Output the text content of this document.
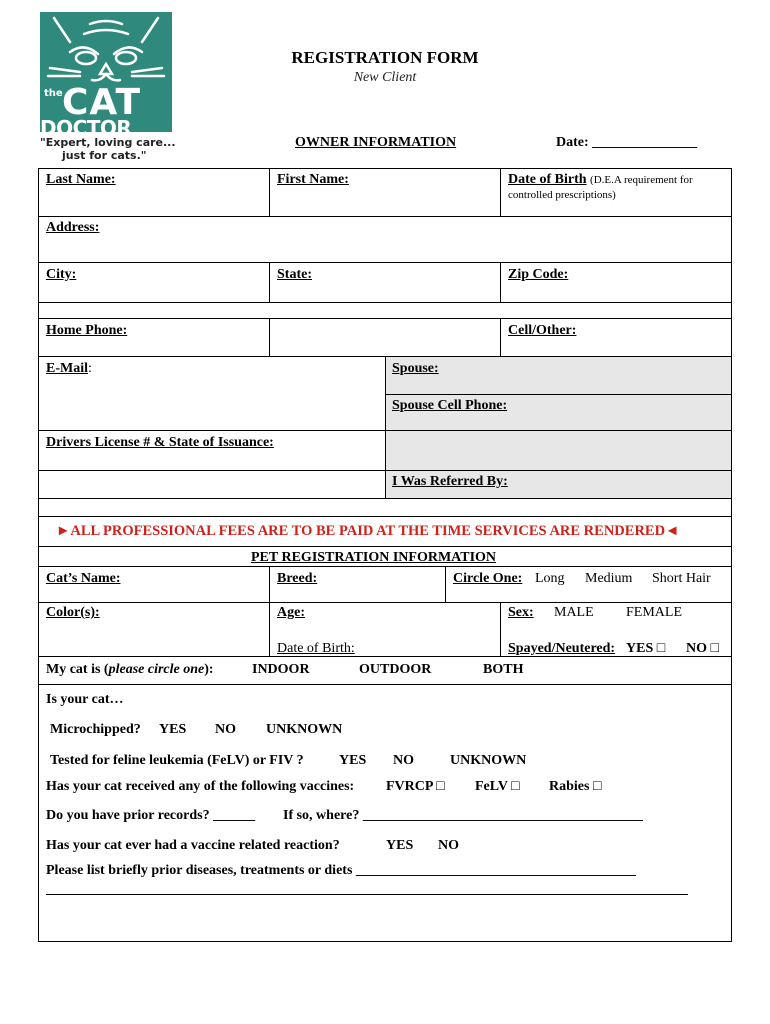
the CAT
DOCTOR
"Expert, loving care...
just for cats."
REGISTRATION FORM
New Client
OWNER INFORMATION	Date: _______________
Last Name:	First Name:	Date of Birth (D.E.A requirement for
controlled prescriptions)
Address:
City:	State:	Zip Code:
Home Phone:	Cell/Other:
E-Mail:	Spouse:
Spouse Cell Phone:
Drivers License # & State of Issuance:
I Was Referred By:
►ALL PROFESSIONAL FEES ARE TO BE PAID AT THE TIME SERVICES ARE RENDERED◄
PET REGISTRATION INFORMATION
Cat’s Name:	Breed:	Circle One: Long Medium Short Hair
Color(s):	Age:	Sex: MALE FEMALE
Date of Birth:	Spayed/Neutered: YES □ NO □
My cat is (please circle one):	INDOOR	OUTDOOR	BOTH
Is your cat…
Microchipped? YES NO UNKNOWN
Tested for feline leukemia (FeLV) or FIV ?	YES NO	UNKNOWN
Has your cat received any of the following vaccines: FVRCP □ FeLV □ Rabies □
Do you have prior records? ______ If so, where? ________________________________________
Has your cat ever had a vaccine related reaction?	YES NO
Please list briefly prior diseases, treatments or diets ________________________________________
